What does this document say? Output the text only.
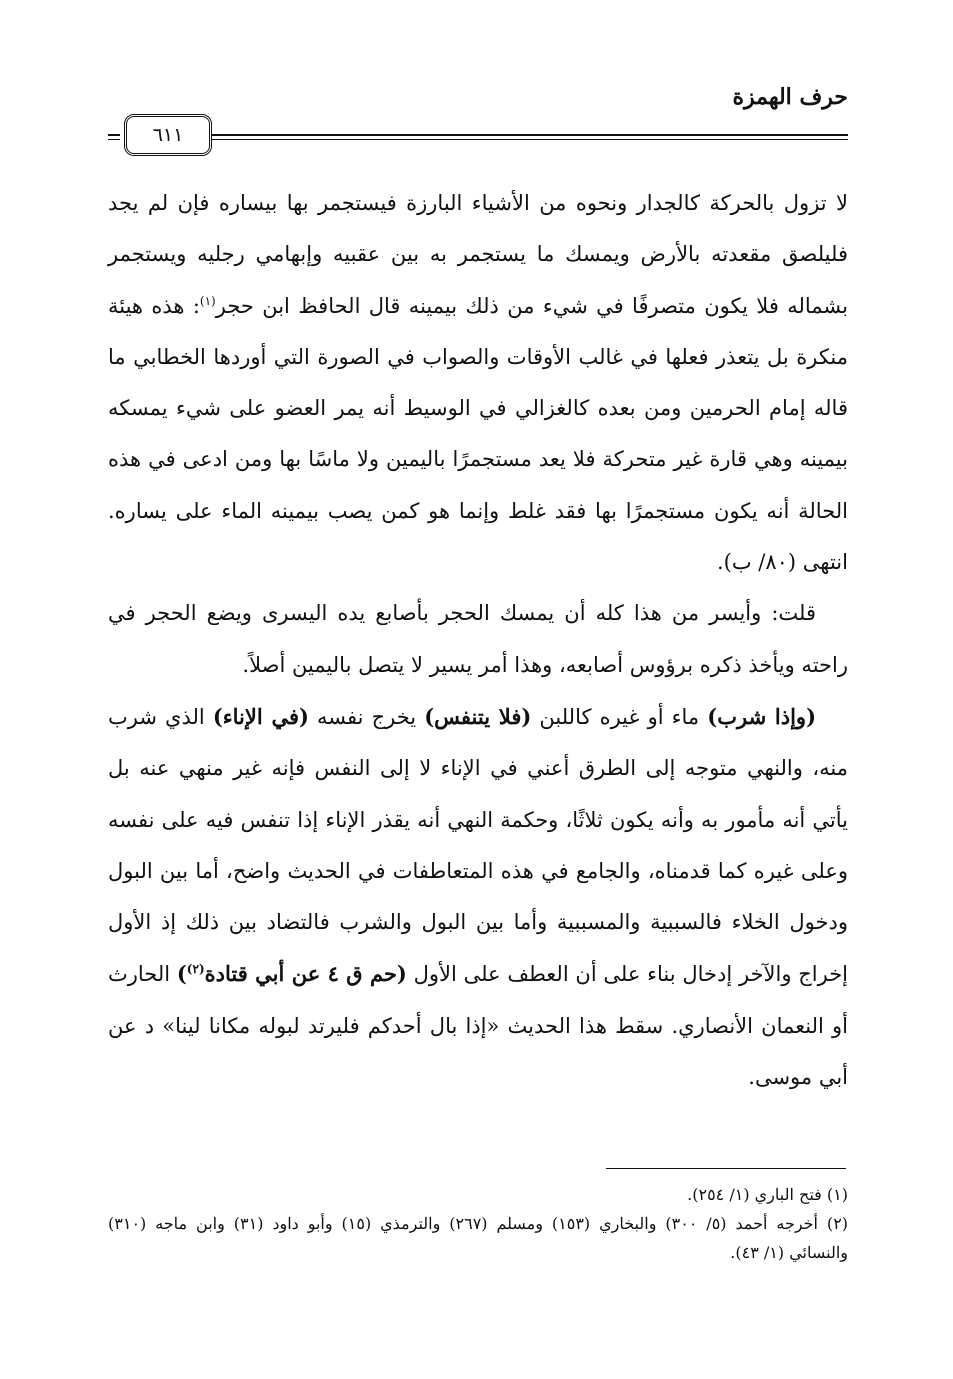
حرف الهمزة
٦١١

لا تزول بالحركة كالجدار ونحوه من الأشياء البارزة فيستجمر بها بيساره فإن لم يجد فليلصق مقعدته بالأرض ويمسك ما يستجمر به بين عقبيه وإبهامي رجليه ويستجمر بشماله فلا يكون متصرفًا في شيء من ذلك بيمينه قال الحافظ ابن حجر$^{(١)}$: هذه هيئة منكرة بل يتعذر فعلها في غالب الأوقات والصواب في الصورة التي أوردها الخطابي ما قاله إمام الحرمين ومن بعده كالغزالي في الوسيط أنه يمر العضو على شيء يمسكه بيمينه وهي قارة غير متحركة فلا يعد مستجمرًا باليمين ولا ماسًا بها ومن ادعى في هذه الحالة أنه يكون مستجمرًا بها فقد غلط وإنما هو كمن يصب بيمينه الماء على يساره. انتهى (٨٠/ ب).

قلت: وأيسر من هذا كله أن يمسك الحجر بأصابع يده اليسرى ويضع الحجر في راحته ويأخذ ذكره برؤوس أصابعه، وهذا أمر يسير لا يتصل باليمين أصلاً.

(وإذا شرب) ماء أو غيره كاللبن (فلا يتنفس) يخرج نفسه (في الإناء) الذي شرب منه، والنهي متوجه إلى الطرق أعني في الإناء لا إلى النفس فإنه غير منهي عنه بل يأتي أنه مأمور به وأنه يكون ثلاثًا، وحكمة النهي أنه يقذر الإناء إذا تنفس فيه على نفسه وعلى غيره كما قدمناه، والجامع في هذه المتعاطفات في الحديث واضح، أما بين البول ودخول الخلاء فالسببية والمسببية وأما بين البول والشرب فالتضاد بين ذلك إذ الأول إخراج والآخر إدخال بناء على أن العطف على الأول (حم ق ٤ عن أبي قتادة$^{(٢)}$) الحارث أو النعمان الأنصاري. سقط هذا الحديث «إذا بال أحدكم فليرتد لبوله مكانا لينا» د عن أبي موسى.

(١) فتح الباري (١/ ٢٥٤).

(٢) أخرجه أحمد (٥/ ٣٠٠) والبخاري (١٥٣) ومسلم (٢٦٧) والترمذي (١٥) وأبو داود (٣١) وابن ماجه (٣١٠) والنسائي (١/ ٤٣).
